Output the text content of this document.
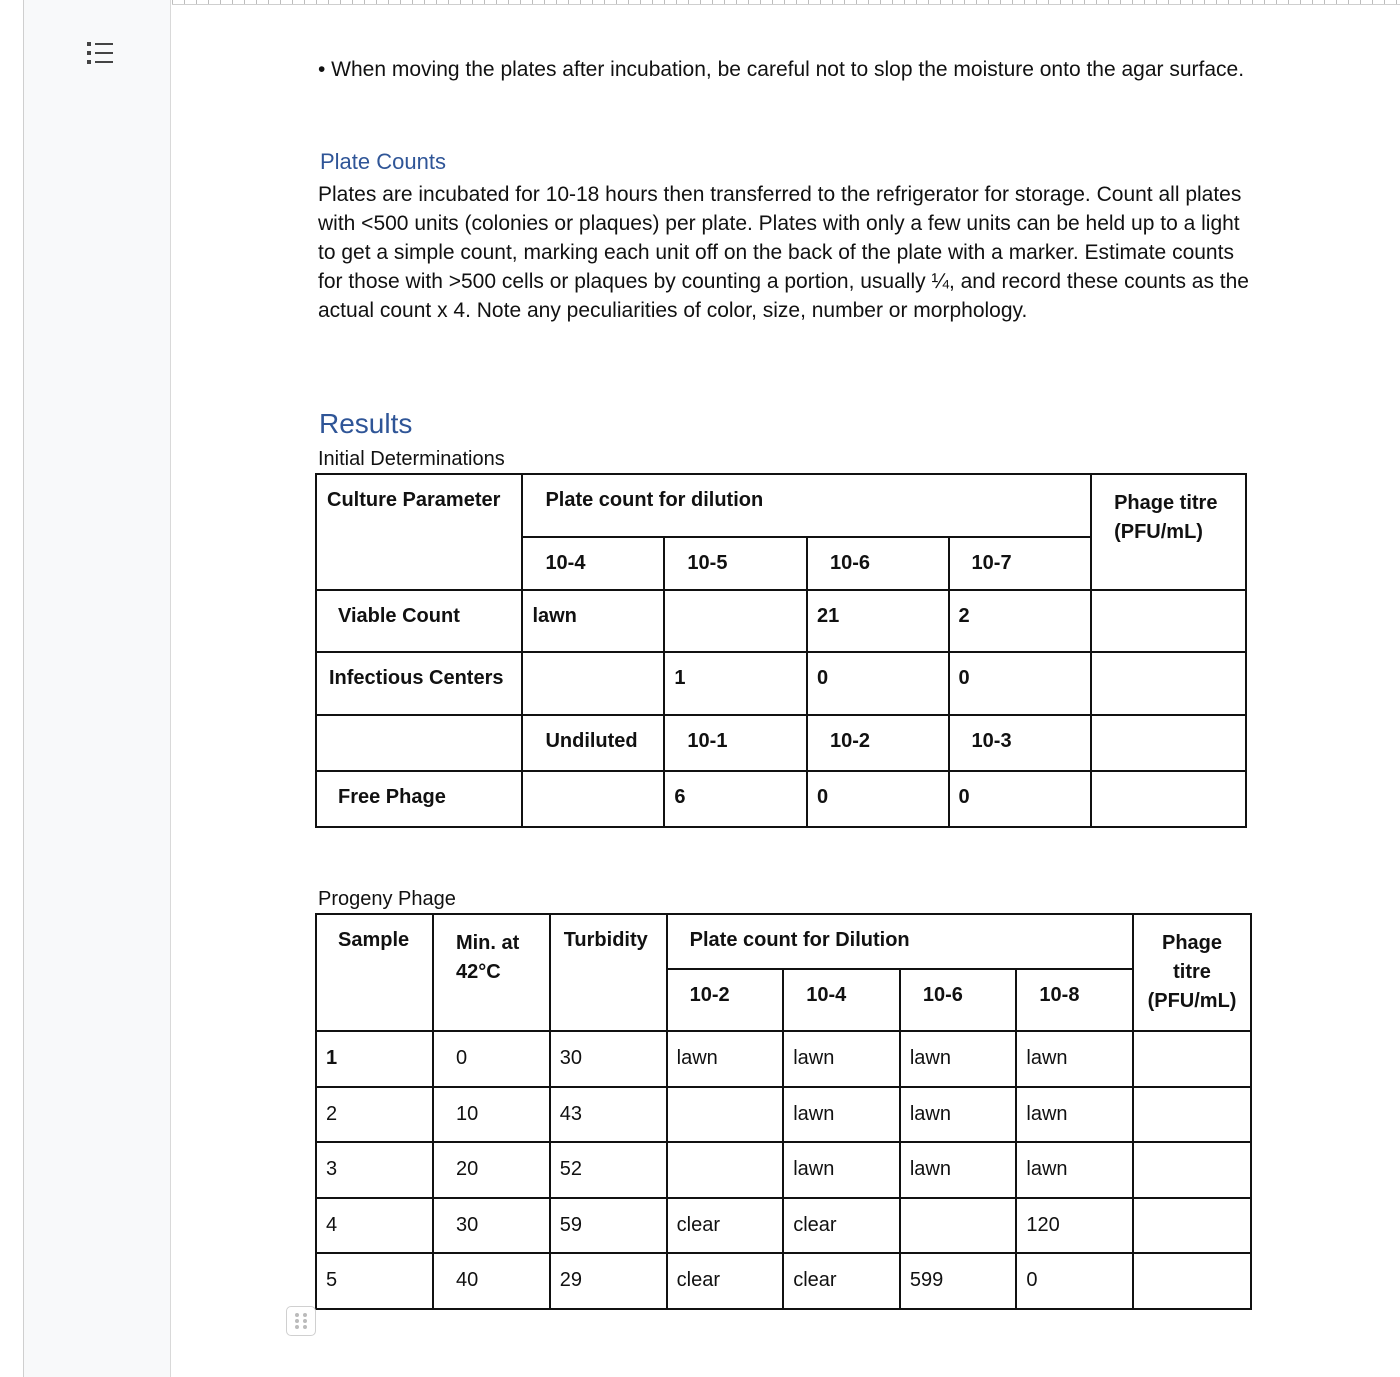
• When moving the plates after incubation, be careful not to slop the moisture onto the agar surface.
Plate Counts
Plates are incubated for 10-18 hours then transferred to the refrigerator for storage. Count all plates with <500 units (colonies or plaques) per plate. Plates with only a few units can be held up to a light to get a simple count, marking each unit off on the back of the plate with a marker. Estimate counts for those with >500 cells or plaques by counting a portion, usually ¼, and record these counts as the actual count x 4. Note any peculiarities of color, size, number or morphology.
Results
Initial Determinations
Culture Parameter	Plate count for dilution				Phage titre (PFU/mL)
	10-4	10-5	10-6	10-7	
Viable Count	lawn		21	2	
Infectious Centers		1	0	0	
	Undiluted	10-1	10-2	10-3	
Free Phage		6	0	0	
Progeny Phage
Sample	Min. at 42°C	Turbidity	Plate count for Dilution				Phage titre (PFU/mL)
			10-2	10-4	10-6	10-8	
1	0	30	lawn	lawn	lawn	lawn	
2	10	43		lawn	lawn	lawn	
3	20	52		lawn	lawn	lawn	
4	30	59	clear	clear		120	
5	40	29	clear	clear	599	0	
